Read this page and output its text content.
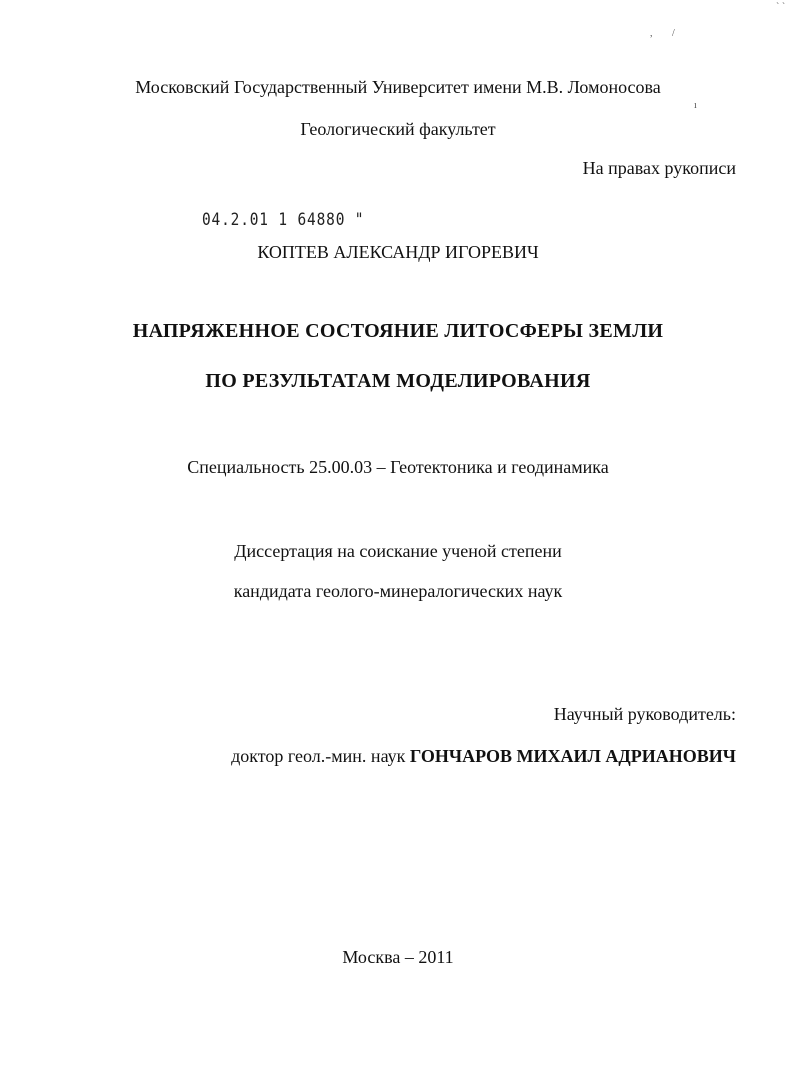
` `
, /
ı
Московский Государственный Университет имени М.В. Ломоносова
Геологический факультет
На правах рукописи
04.2.01 1 64880 "
КОПТЕВ АЛЕКСАНДР ИГОРЕВИЧ
НАПРЯЖЕННОЕ СОСТОЯНИЕ ЛИТОСФЕРЫ ЗЕМЛИ
ПО РЕЗУЛЬТАТАМ МОДЕЛИРОВАНИЯ
Специальность 25.00.03 – Геотектоника и геодинамика
Диссертация на соискание ученой степени
кандидата геолого-минералогических наук
Научный руководитель:
доктор геол.-мин. наук ГОНЧАРОВ МИХАИЛ АДРИАНОВИЧ
Москва – 2011
